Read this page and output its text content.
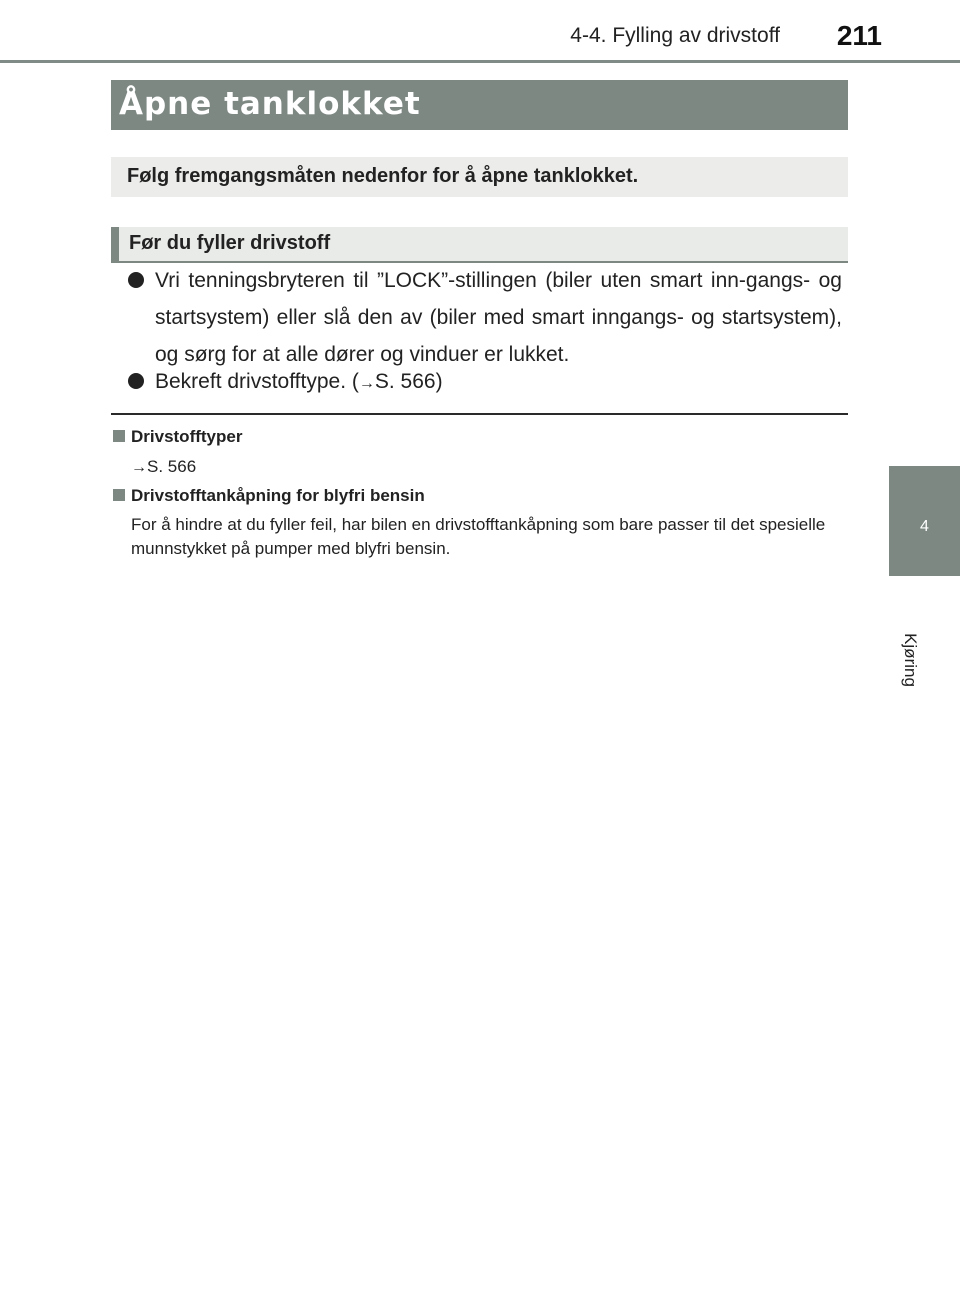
4-4. Fylling av drivstoff	211
4
Kjøring
Åpne tanklokket

Følg fremgangsmåten nedenfor for å åpne tanklokket.

Før du fyller drivstoff
Vri tenningsbryteren til ”LOCK”-stillingen (biler uten smart inn-gangs- og startsystem) eller slå den av (biler med smart inngangs- og startsystem), og sørg for at alle dører og vinduer er lukket.
Bekreft drivstofftype. (→S. 566)
Drivstofftyper
→S. 566
Drivstofftankåpning for blyfri bensin
For å hindre at du fyller feil, har bilen en drivstofftankåpning som bare passer til det spesielle munnstykket på pumper med blyfri bensin.
